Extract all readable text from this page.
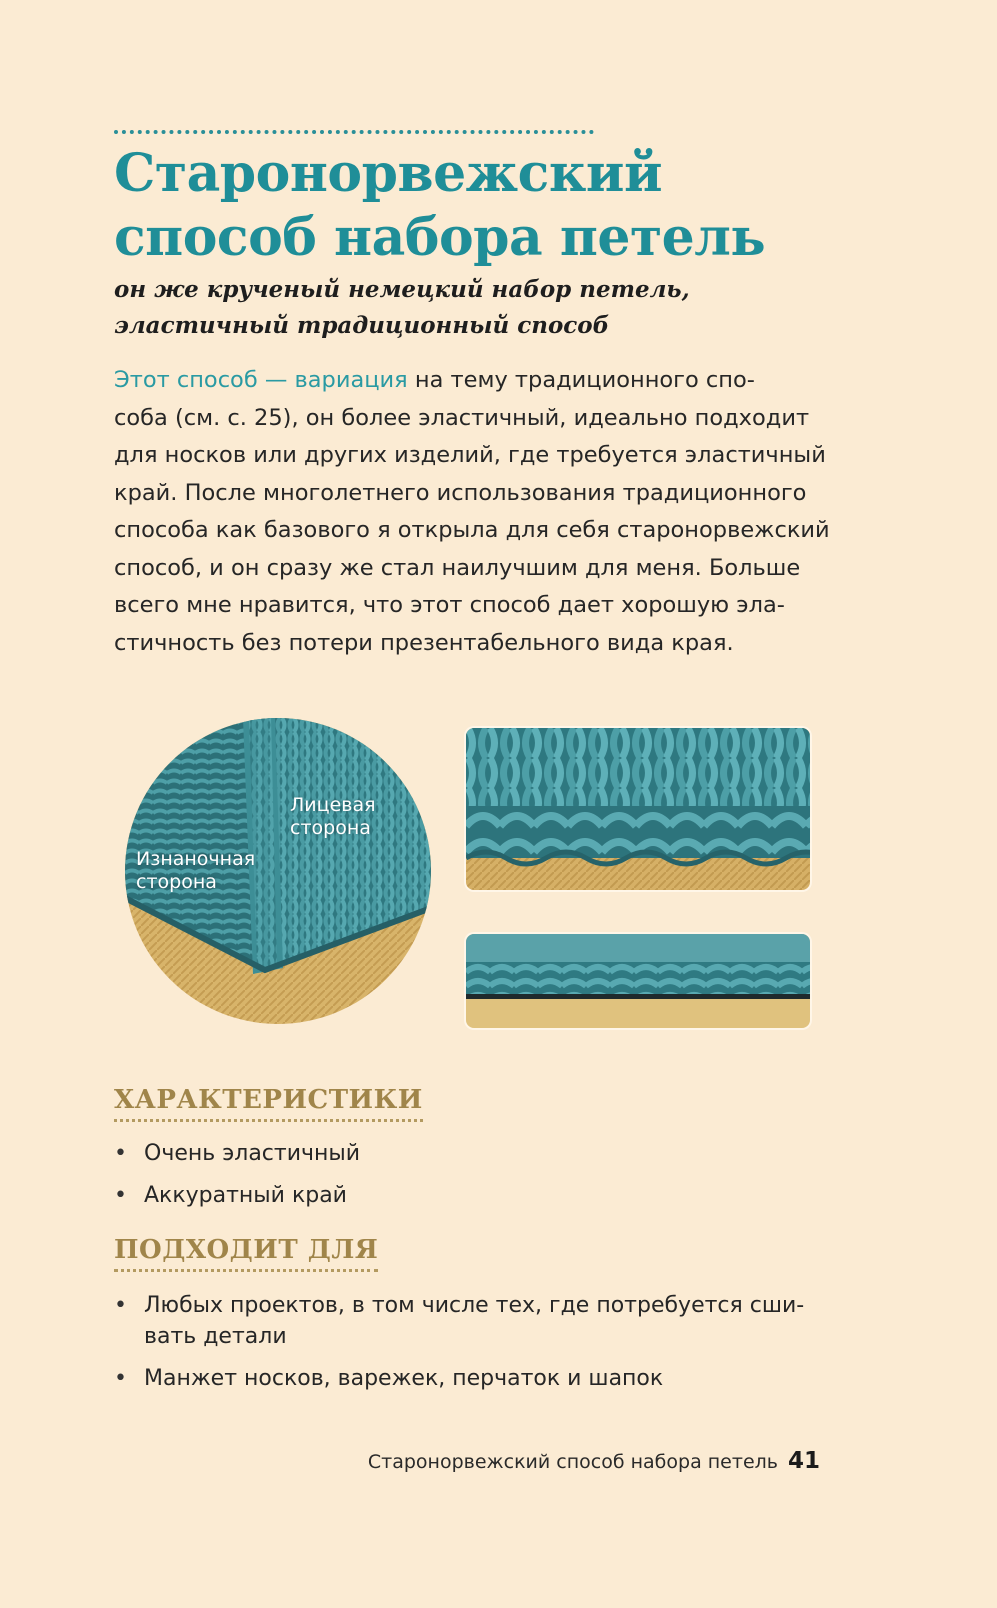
Старонорвежский
способ набора петель

он же крученый немецкий набор петель,
эластичный традиционный способ

Этот способ — вариация на тему традиционного спо-
соба (см. с. 25), он более эластичный, идеально подходит
для носков или других изделий, где требуется эластичный
край. После многолетнего использования традиционного
способа как базового я открыла для себя старонорвежский
способ, и он сразу же стал наилучшим для меня. Больше
всего мне нравится, что этот способ дает хорошую эла-
стичность без потери презентабельного вида края.

Лицевая
сторона
Изнаночная
сторона
ХАРАКТЕРИСТИКИ
• Очень эластичный
• Аккуратный край
ПОДХОДИТ ДЛЯ
• Любых проектов, в том числе тех, где потребуется сши-
вать детали
• Манжет носков, варежек, перчаток и шапок
Старонорвежский способ набора петель 41
